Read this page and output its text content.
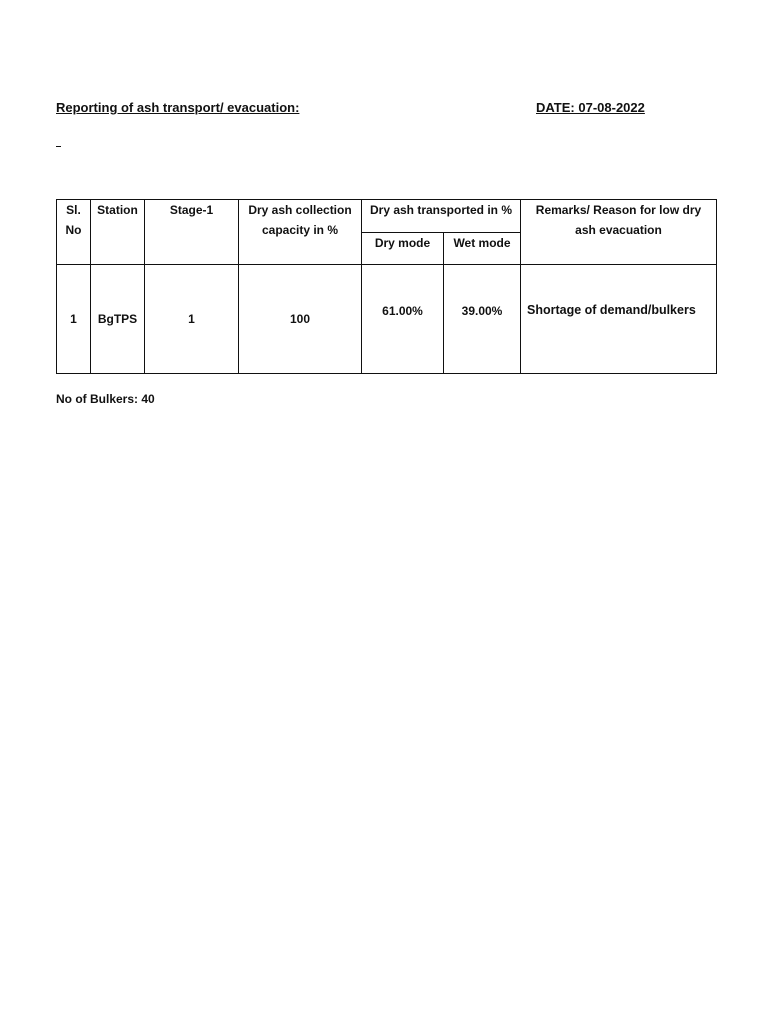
Reporting of ash transport/ evacuation:	DATE: 07-08-2022
Sl. No	Station	Stage-1	Dry ash collection capacity in %	Dry ash transported in %		Remarks/ Reason for low dry ash evacuation
				Dry mode	Wet mode	
1	BgTPS	1	100	61.00%	39.00%	Shortage of demand/bulkers
No of Bulkers: 40
